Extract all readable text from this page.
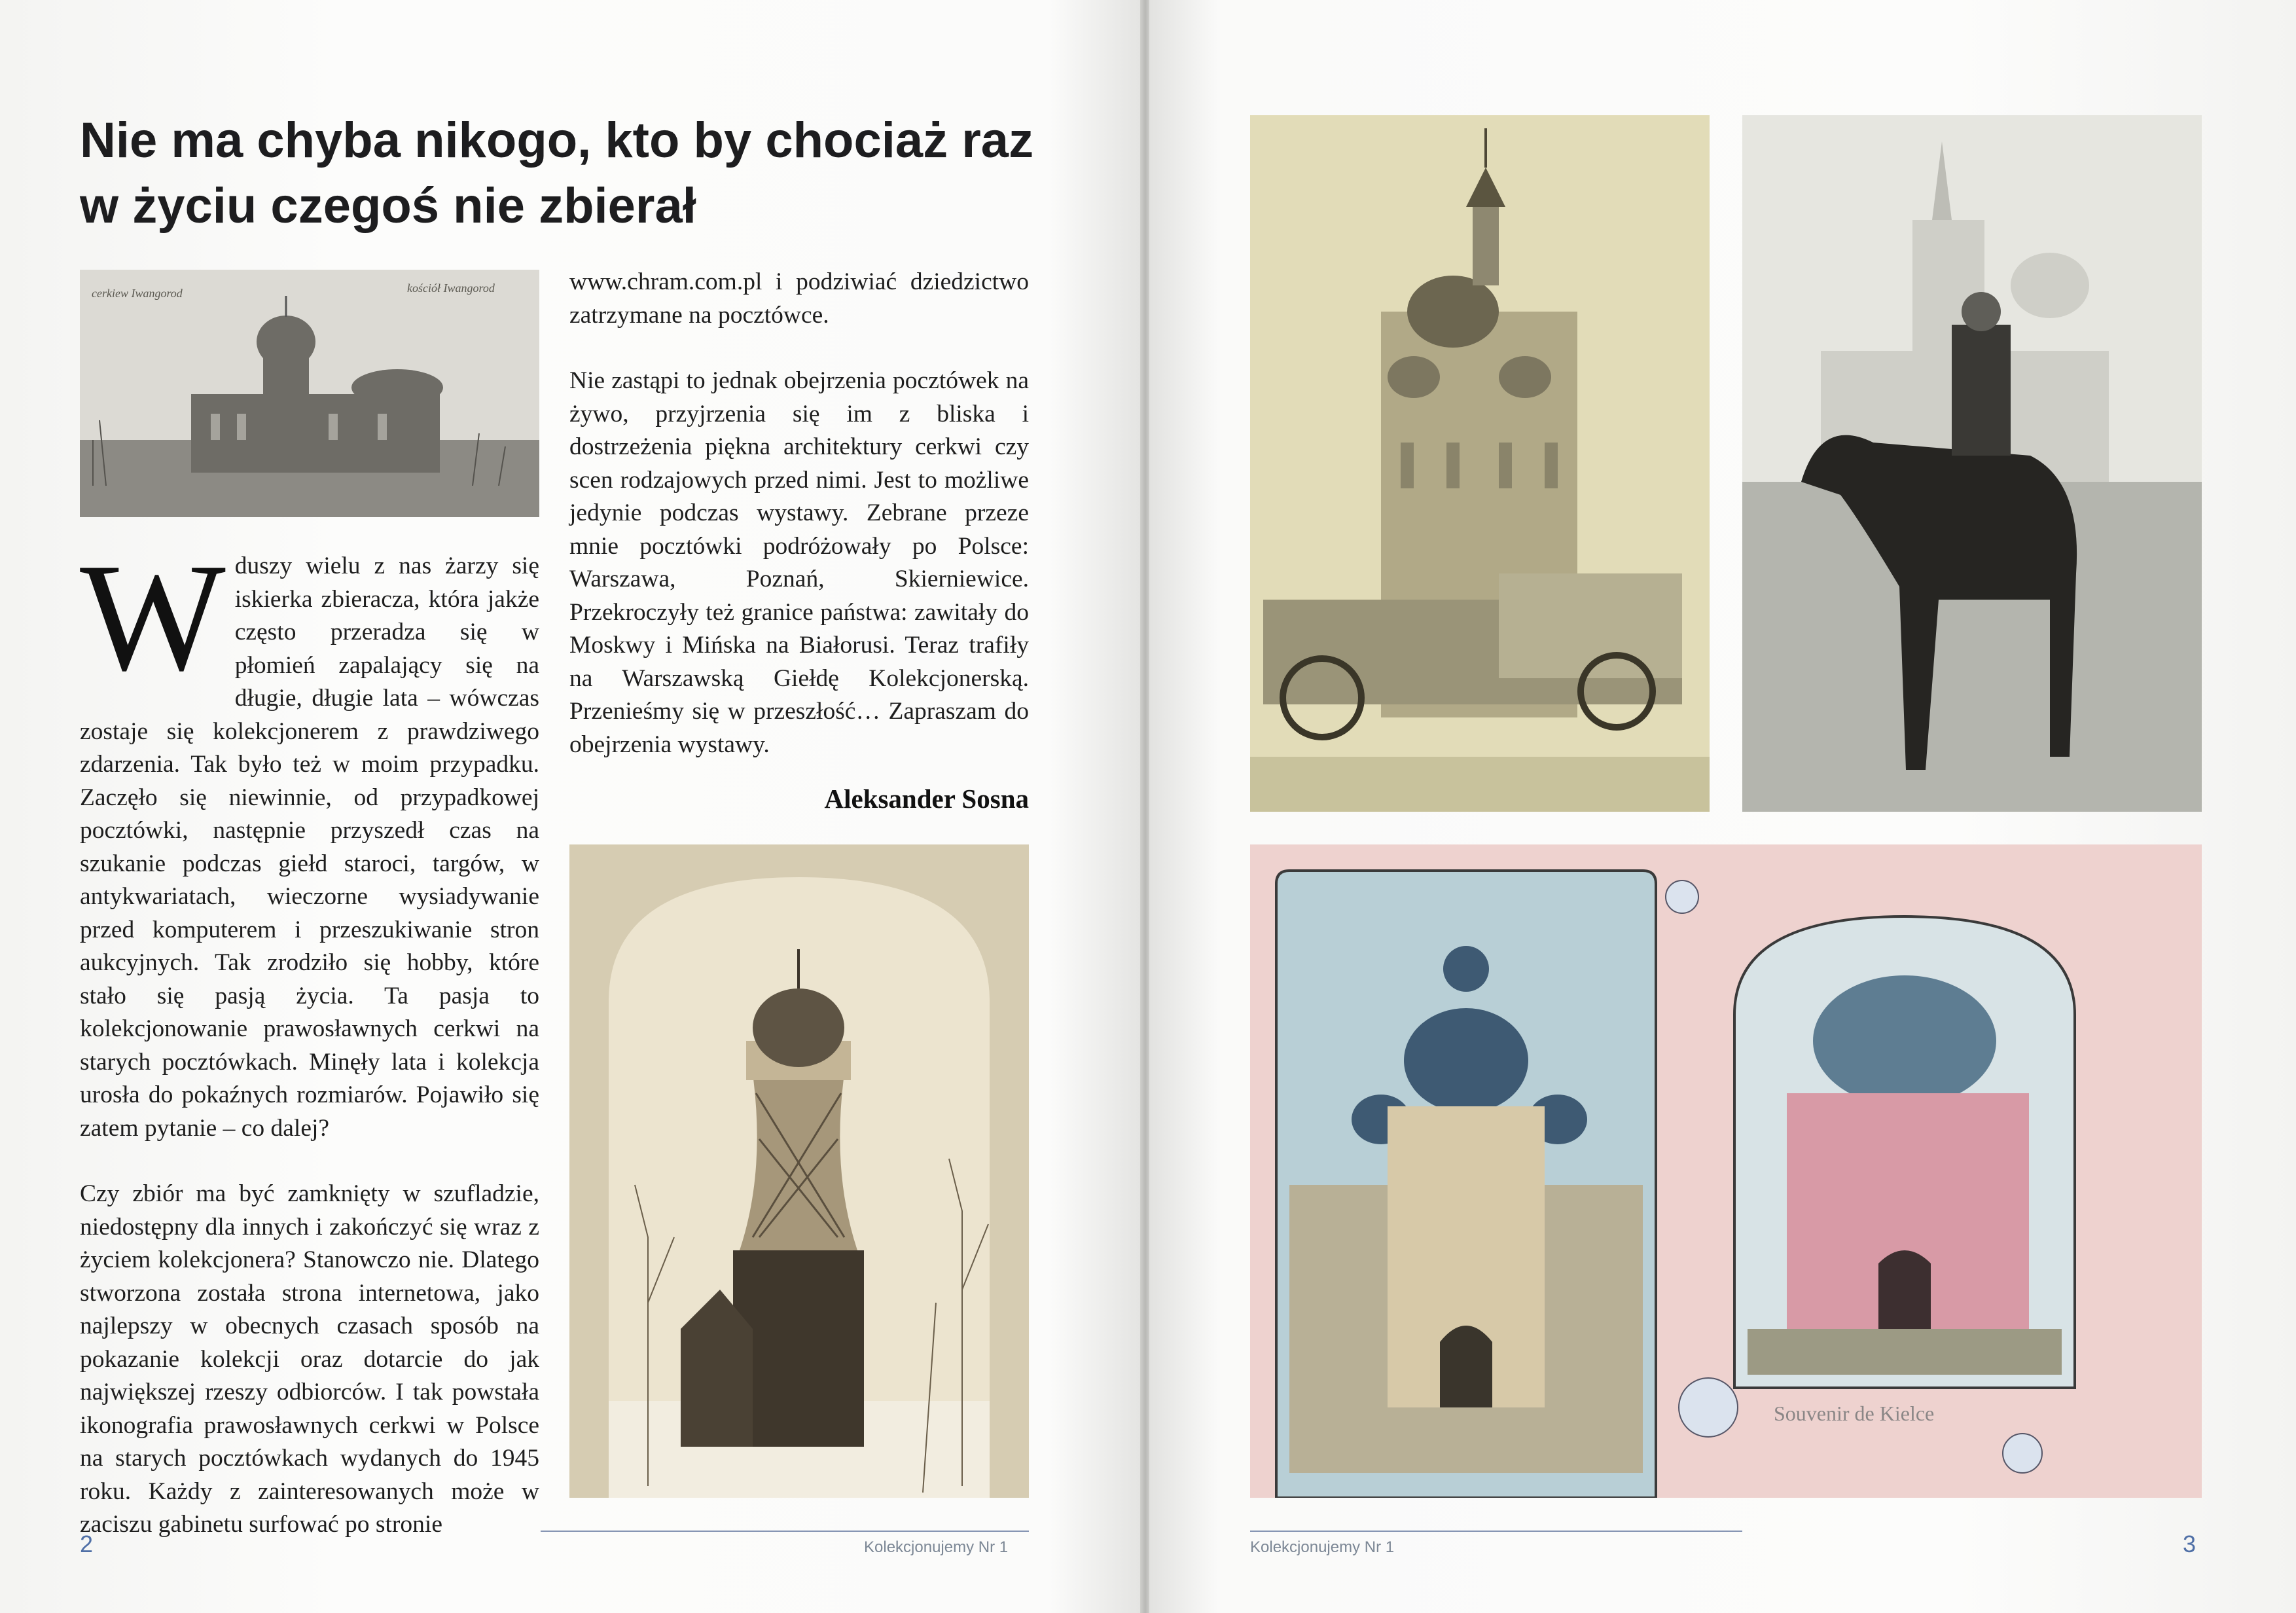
Nie ma chyba nikogo, kto by chociaż raz
w życiu czegoś nie zbierał
cerkiew Iwangorod	kościół Iwangorod
W duszy wielu z nas żarzy się iskierka zbieracza, która jakże często przeradza się w płomień zapalający się na długie, długie lata – wówczas zostaje się kolekcjonerem z prawdziwego zdarzenia. Tak było też w moim przypadku. Zaczęło się niewinnie, od przypadkowej pocztówki, następnie przyszedł czas na szukanie podczas giełd staroci, targów, w antykwariatach, wieczorne wysiadywanie przed komputerem i przeszukiwanie stron aukcyjnych. Tak zrodziło się hobby, które stało się pasją życia. Ta pasja to kolekcjonowanie prawosławnych cerkwi na starych pocztówkach. Minęły lata i kolekcja urosła do pokaźnych rozmiarów. Pojawiło się zatem pytanie – co dalej?

Czy zbiór ma być zamknięty w szufladzie, niedostępny dla innych i zakończyć się wraz z życiem kolekcjonera? Stanowczo nie. Dlatego stworzona została strona internetowa, jako najlepszy w obecnych czasach sposób na pokazanie kolekcji oraz dotarcie do jak największej rzeszy odbiorców. I tak powstała ikonografia prawosławnych cerkwi w Polsce na starych pocztówkach wydanych do 1945 roku. Każdy z zainteresowanych może w zaciszu gabinetu surfować po stronie

www.chram.com.pl i podziwiać dziedzictwo zatrzymane na pocztówce.

Nie zastąpi to jednak obejrzenia pocztówek na żywo, przyjrzenia się im z bliska i dostrzeżenia piękna architektury cerkwi czy scen rodzajowych przed nimi. Jest to możliwe jedynie podczas wystawy. Zebrane przeze mnie pocztówki podróżowały po Polsce: Warszawa, Poznań, Skierniewice. Przekroczyły też granice państwa: zawitały do Moskwy i Mińska na Białorusi. Teraz trafiły na Warszawską Giełdę Kolekcjonerską. Przenieśmy się w przeszłość… Zapraszam do obejrzenia wystawy.

Aleksander Sosna
Souvenir de Kielce
2	Kolekcjonujemy Nr 1	Kolekcjonujemy Nr 1	3
